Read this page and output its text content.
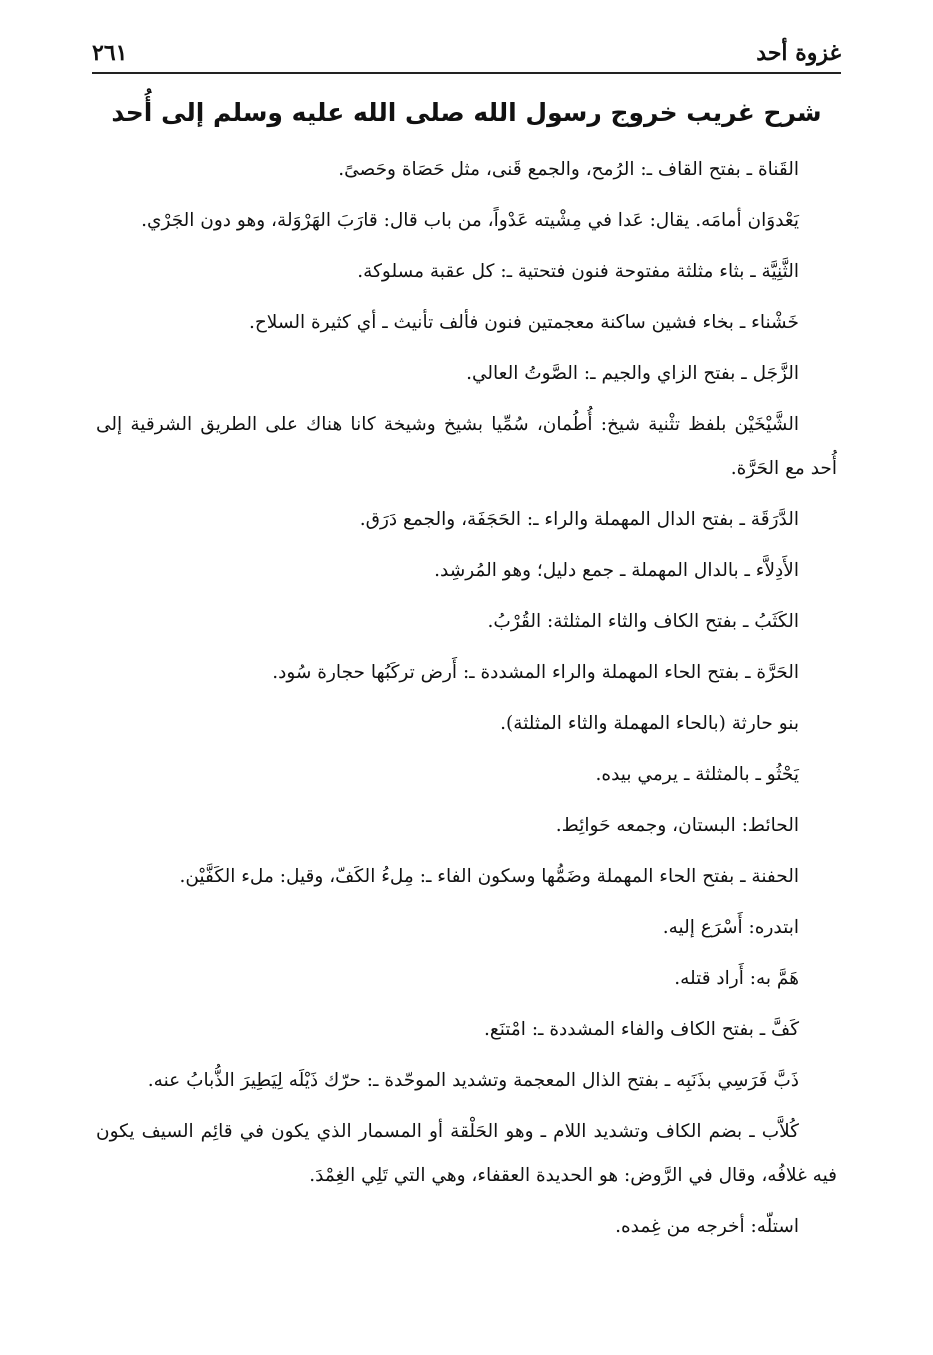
غزوة أحد
٢٦١
شرح غريب خروج رسول الله صلى الله عليه وسلم إلى أُحد

القَناة ـ بفتح القاف ـ: الرُمح، والجمع قَنى، مثل حَصَاة وحَصىً.

يَعْدوَان أمامَه. يقال: عَدا في مِشْيته عَدْواً، من باب قال: قارَبَ الهَرْوَلة، وهو دون الجَرْي.

الثَّنِيَّة ـ بثاء مثلثة مفتوحة فنون فتحتية ـ: كل عقبة مسلوكة.

خَشْناء ـ بخاء فشين ساكنة معجمتين فنون فألف تأنيث ـ أي كثيرة السلاح.

الزَّجَل ـ بفتح الزاي والجيم ـ: الصَّوتُ العالي.

الشَّيْخَيْن بلفظ تثْنية شيخ: أُطُمان، سُمِّيا بشيخ وشيخة كانا هناك على الطريق الشرقية إلى أُحد مع الحَرَّة.

الدَّرَقَة ـ بفتح الدال المهملة والراء ـ: الحَجَفَة، والجمع دَرَق.

الأَدِلاَّء ـ بالدال المهملة ـ جمع دليل؛ وهو المُرشِد.

الكَثَبُ ـ بفتح الكاف والثاء المثلثة: القُرْبُ.

الحَرَّة ـ بفتح الحاء المهملة والراء المشددة ـ: أَرض تركَبُها حجارة سُود.

بنو حارثة (بالحاء المهملة والثاء المثلثة).

يَحْثُو ـ بالمثلثة ـ يرمي بيده.

الحائط: البستان، وجمعه حَوائِط.

الحفنة ـ بفتح الحاء المهملة وضَمُّها وسكون الفاء ـ: مِلءُ الكَفّ، وقيل: ملء الكَفَّيْن.

ابتدره: أَسْرَع إليه.

هَمَّ به: أَراد قتله.

كَفَّ ـ بفتح الكاف والفاء المشددة ـ: امْتنَع.

ذَبَّ فَرَسِي بذَنَبِه ـ بفتح الذال المعجمة وتشديد الموحّدة ـ: حرّك ذَيْلَه لِيَطِيرَ الذُّبابُ عنه.

كُلاَّب ـ بضم الكاف وتشديد اللام ـ وهو الحَلْقة أو المسمار الذي يكون في قائِم السيف يكون فيه غلافُه، وقال في الرَّوض: هو الحديدة العقفاء، وهي التي تَلِي الغِمْدَ.

استلّه: أخرجه من غِمده.
